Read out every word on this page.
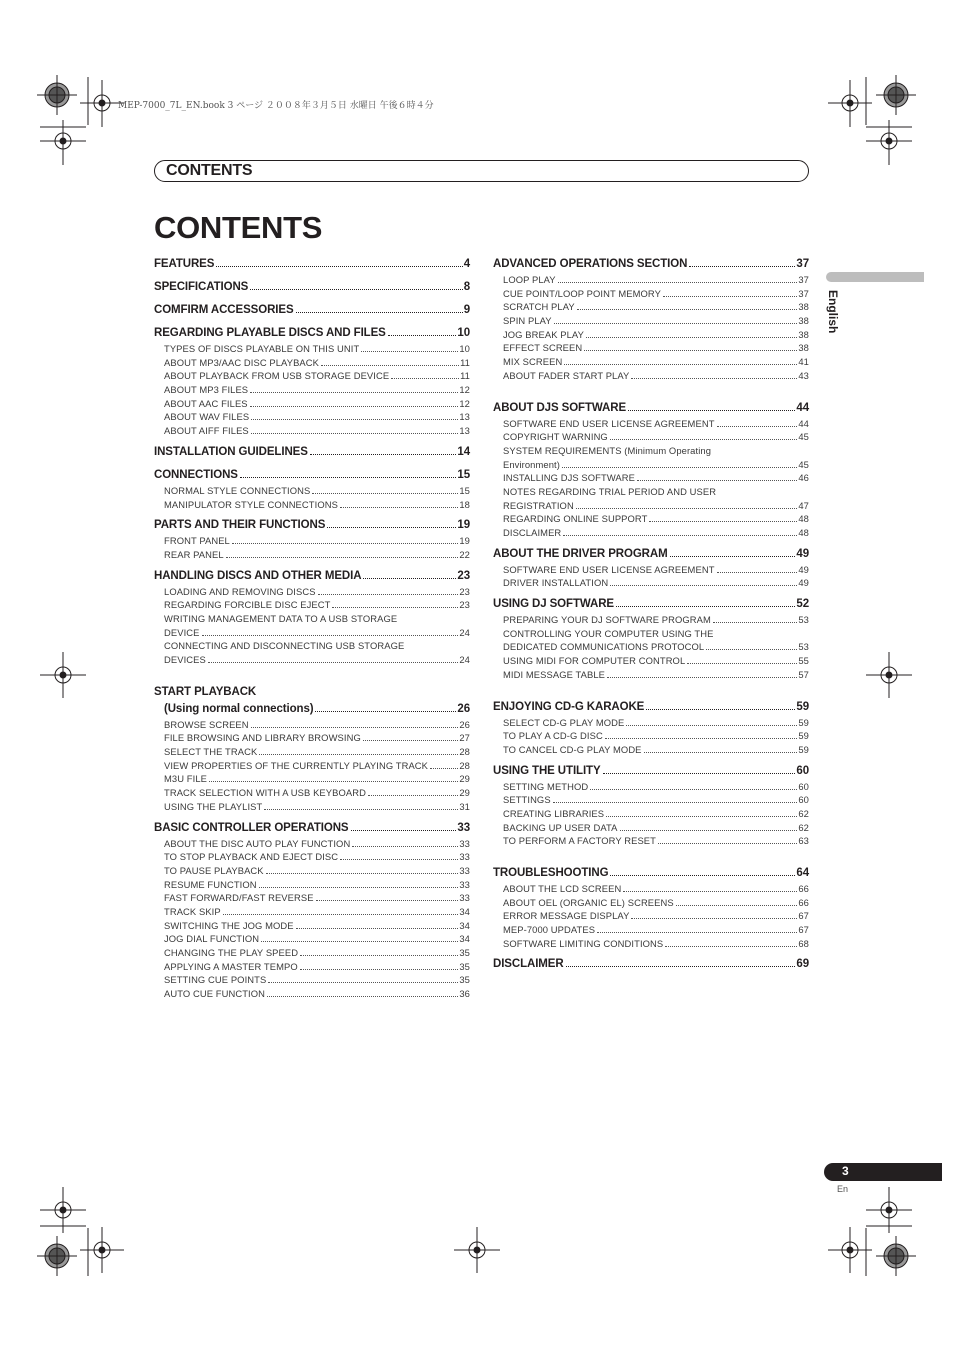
MEP-7000_7L_EN.book 3 ページ ２００８年３月５日 水曜日 午後６時４分
CONTENTS
CONTENTS
English
FEATURES	4
SPECIFICATIONS	8
COMFIRM ACCESSORIES	9
REGARDING PLAYABLE DISCS AND FILES	10
TYPES OF DISCS PLAYABLE ON THIS UNIT	10
ABOUT MP3/AAC DISC PLAYBACK	11
ABOUT PLAYBACK FROM USB STORAGE DEVICE	11
ABOUT MP3 FILES	12
ABOUT AAC FILES	12
ABOUT WAV FILES	13
ABOUT AIFF FILES	13
INSTALLATION GUIDELINES	14
CONNECTIONS	15
NORMAL STYLE CONNECTIONS	15
MANIPULATOR STYLE CONNECTIONS	18
PARTS AND THEIR FUNCTIONS	19
FRONT PANEL	19
REAR PANEL	22
HANDLING DISCS AND OTHER MEDIA	23
LOADING AND REMOVING DISCS	23
REGARDING FORCIBLE DISC EJECT	23
WRITING MANAGEMENT DATA TO A USB STORAGE
DEVICE	24
CONNECTING AND DISCONNECTING USB STORAGE
DEVICES	24
START PLAYBACK
(Using normal connections)	26
BROWSE SCREEN	26
FILE BROWSING AND LIBRARY BROWSING	27
SELECT THE TRACK	28
VIEW PROPERTIES OF THE CURRENTLY PLAYING TRACK	28
M3U FILE	29
TRACK SELECTION WITH A USB KEYBOARD	29
USING THE PLAYLIST	31
BASIC CONTROLLER OPERATIONS	33
ABOUT THE DISC AUTO PLAY FUNCTION	33
TO STOP PLAYBACK AND EJECT DISC	33
TO PAUSE PLAYBACK	33
RESUME FUNCTION	33
FAST FORWARD/FAST REVERSE	33
TRACK SKIP	34
SWITCHING THE JOG MODE	34
JOG DIAL FUNCTION	34
CHANGING THE PLAY SPEED	35
APPLYING A MASTER TEMPO	35
SETTING CUE POINTS	35
AUTO CUE FUNCTION	36
ADVANCED OPERATIONS SECTION	37
LOOP PLAY	37
CUE POINT/LOOP POINT MEMORY	37
SCRATCH PLAY	38
SPIN PLAY	38
JOG BREAK PLAY	38
EFFECT SCREEN	38
MIX SCREEN	41
ABOUT FADER START PLAY	43
ABOUT DJS SOFTWARE	44
SOFTWARE END USER LICENSE AGREEMENT	44
COPYRIGHT WARNING	45
SYSTEM REQUIREMENTS (Minimum Operating
Environment)	45
INSTALLING DJS SOFTWARE	46
NOTES REGARDING TRIAL PERIOD AND USER
REGISTRATION	47
REGARDING ONLINE SUPPORT	48
DISCLAIMER	48
ABOUT THE DRIVER PROGRAM	49
SOFTWARE END USER LICENSE AGREEMENT	49
DRIVER INSTALLATION	49
USING DJ SOFTWARE	52
PREPARING YOUR DJ SOFTWARE PROGRAM	53
CONTROLLING YOUR COMPUTER USING THE
DEDICATED COMMUNICATIONS PROTOCOL	53
USING MIDI FOR COMPUTER CONTROL	55
MIDI MESSAGE TABLE	57
ENJOYING CD-G KARAOKE	59
SELECT CD-G PLAY MODE	59
TO PLAY A CD-G DISC	59
TO CANCEL CD-G PLAY MODE	59
USING THE UTILITY	60
SETTING METHOD	60
SETTINGS	60
CREATING LIBRARIES	62
BACKING UP USER DATA	62
TO PERFORM A FACTORY RESET	63
TROUBLESHOOTING	64
ABOUT THE LCD SCREEN	66
ABOUT OEL (ORGANIC EL) SCREENS	66
ERROR MESSAGE DISPLAY	67
MEP-7000 UPDATES	67
SOFTWARE LIMITING CONDITIONS	68
DISCLAIMER	69
3
En
